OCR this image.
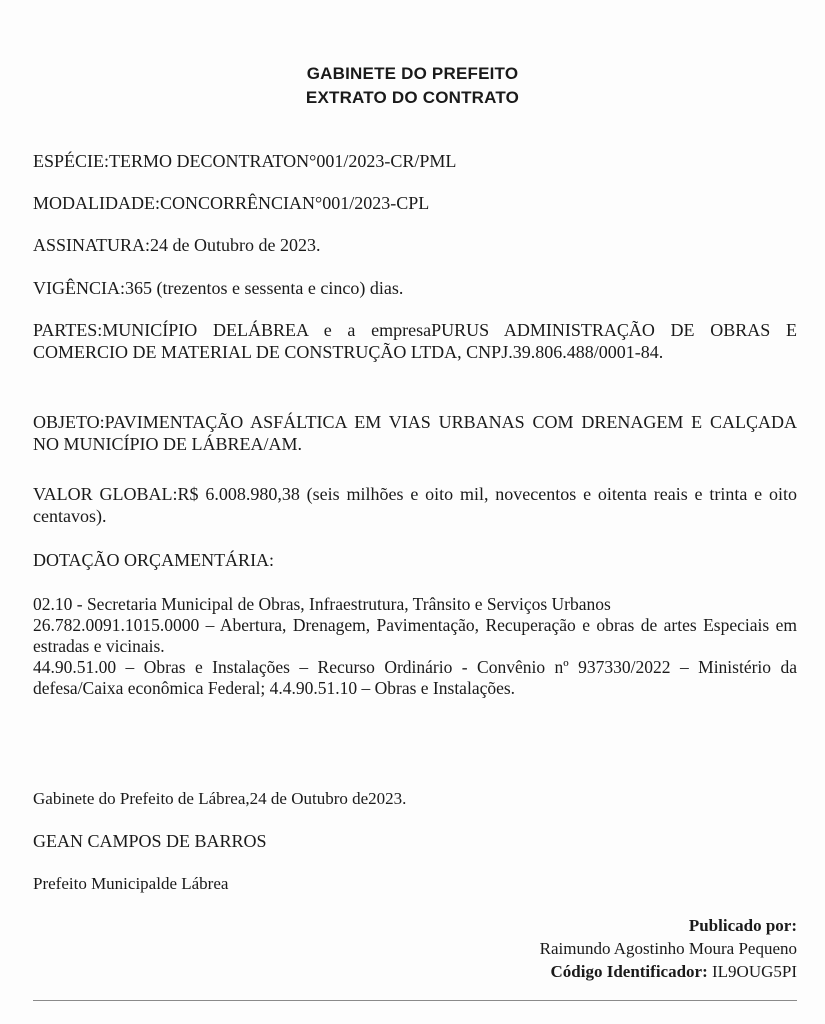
GABINETE DO PREFEITO
EXTRATO DO CONTRATO
ESPÉCIE:TERMO DECONTRATON°001/2023-CR/PML
MODALIDADE:CONCORRÊNCIAN°001/2023-CPL
ASSINATURA:24 de Outubro de 2023.
VIGÊNCIA:365 (trezentos e sessenta e cinco) dias.
PARTES:MUNICÍPIO DELÁBREA e a empresaPURUS ADMINISTRAÇÃO DE OBRAS E COMERCIO DE MATERIAL DE CONSTRUÇÃO LTDA, CNPJ.39.806.488/0001-84.
OBJETO:PAVIMENTAÇÃO ASFÁLTICA EM VIAS URBANAS COM DRENAGEM E CALÇADA NO MUNICÍPIO DE LÁBREA/AM.
VALOR GLOBAL:R$ 6.008.980,38 (seis milhões e oito mil, novecentos e oitenta reais e trinta e oito centavos).
DOTAÇÃO ORÇAMENTÁRIA:
02.10 - Secretaria Municipal de Obras, Infraestrutura, Trânsito e Serviços Urbanos
26.782.0091.1015.0000 – Abertura, Drenagem, Pavimentação, Recuperação e obras de artes Especiais em estradas e vicinais.
44.90.51.00 – Obras e Instalações – Recurso Ordinário - Convênio nº 937330/2022 – Ministério da defesa/Caixa econômica Federal; 4.4.90.51.10 – Obras e Instalações.
Gabinete do Prefeito de Lábrea,24 de Outubro de2023.
GEAN CAMPOS DE BARROS
Prefeito Municipalde Lábrea
Publicado por:
Raimundo Agostinho Moura Pequeno
Código Identificador: IL9OUG5PI
